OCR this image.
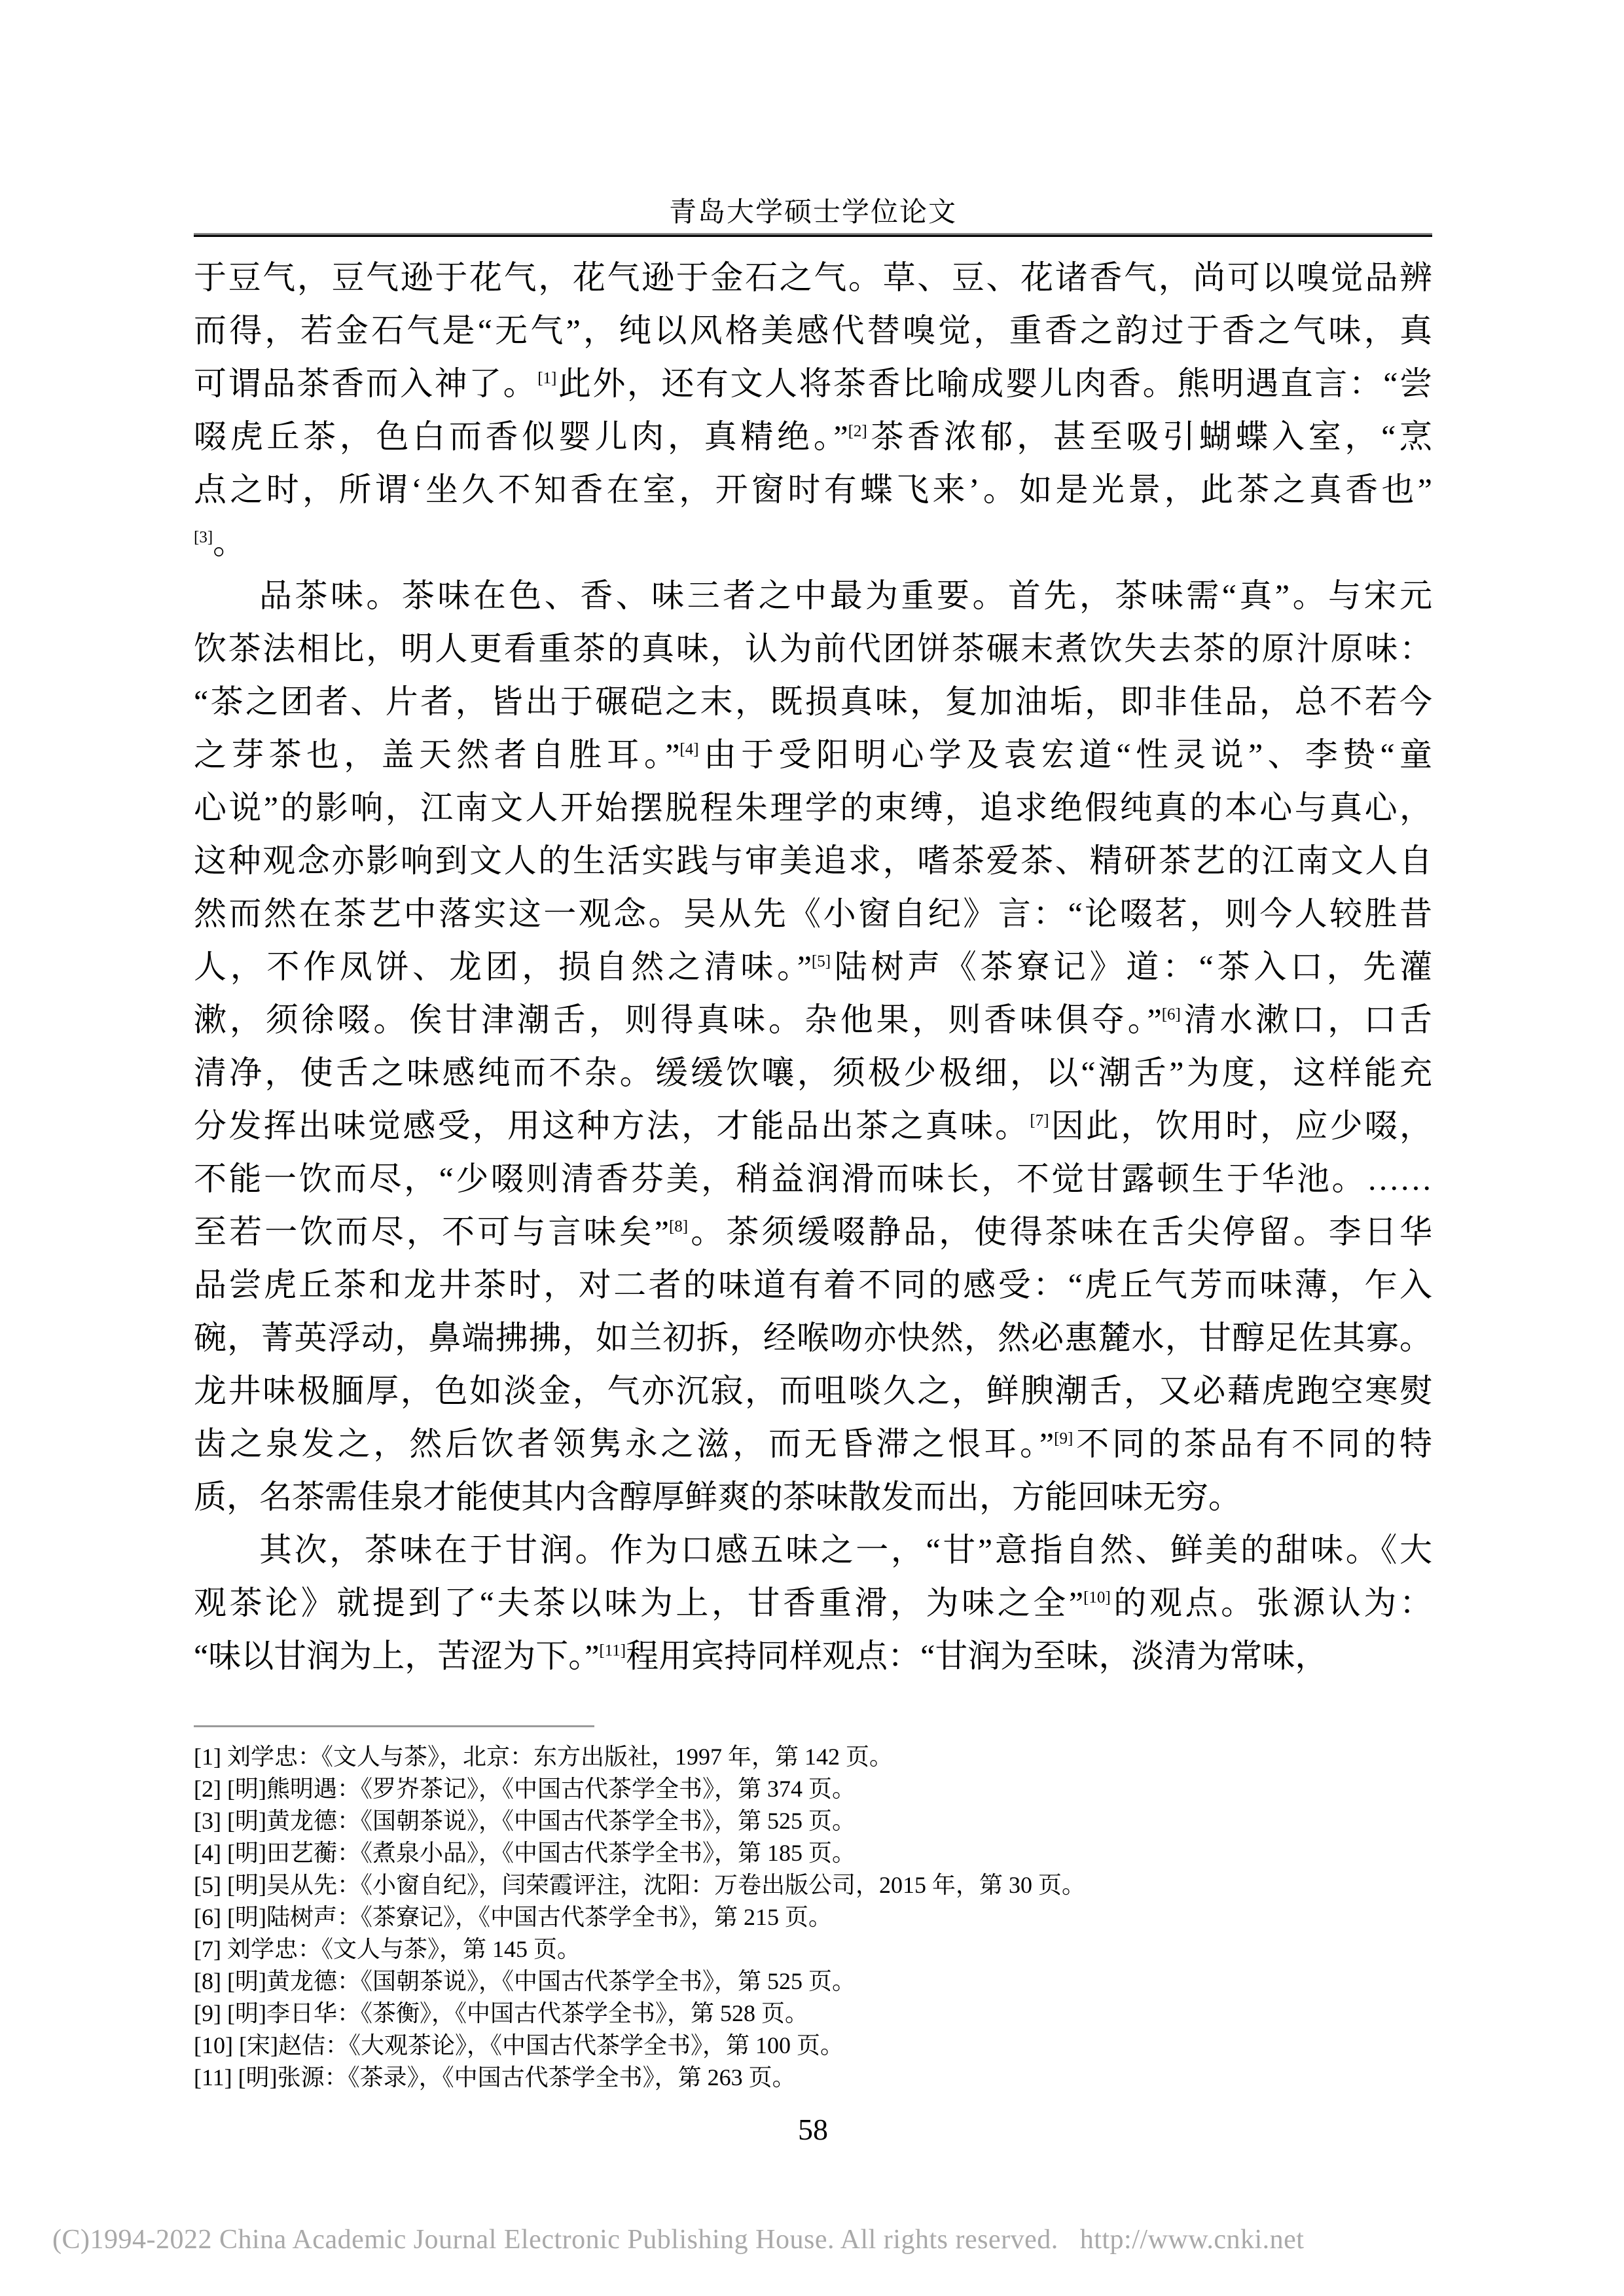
青岛大学硕士学位论文
于豆气，豆气逊于花气，花气逊于金石之气。草、豆、花诸香气，尚可以嗅觉品辨
而得，若金石气是“无气”，纯以风格美感代替嗅觉，重香之韵过于香之气味，真
可谓品茶香而入神了。[1]此外，还有文人将茶香比喻成婴儿肉香。熊明遇直言：“尝
啜虎丘茶，色白而香似婴儿肉，真精绝。”[2]茶香浓郁，甚至吸引蝴蝶入室，“烹
点之时，所谓‘坐久不知香在室，开窗时有蝶飞来’。如是光景，此茶之真香也”
[3]。
品茶味。茶味在色、香、味三者之中最为重要。首先，茶味需“真”。与宋元
饮茶法相比，明人更看重茶的真味，认为前代团饼茶碾末煮饮失去茶的原汁原味：
“茶之团者、片者，皆出于碾硙之末，既损真味，复加油垢，即非佳品，总不若今
之芽茶也，盖天然者自胜耳。”[4]由于受阳明心学及袁宏道“性灵说”、李贽“童
心说”的影响，江南文人开始摆脱程朱理学的束缚，追求绝假纯真的本心与真心，
这种观念亦影响到文人的生活实践与审美追求，嗜茶爱茶、精研茶艺的江南文人自
然而然在茶艺中落实这一观念。吴从先《小窗自纪》言：“论啜茗，则今人较胜昔
人，不作凤饼、龙团，损自然之清味。”[5]陆树声《茶寮记》道：“茶入口，先灌
漱，须徐啜。俟甘津潮舌，则得真味。杂他果，则香味俱夺。”[6]清水漱口，口舌
清净，使舌之味感纯而不杂。缓缓饮嚷，须极少极细，以“潮舌”为度，这样能充
分发挥出味觉感受，用这种方法，才能品出茶之真味。[7]因此，饮用时，应少啜，
不能一饮而尽，“少啜则清香芬美，稍益润滑而味长，不觉甘露顿生于华池。……
至若一饮而尽，不可与言味矣”[8]。茶须缓啜静品，使得茶味在舌尖停留。李日华
品尝虎丘茶和龙井茶时，对二者的味道有着不同的感受：“虎丘气芳而味薄，乍入
碗，菁英浮动，鼻端拂拂，如兰初拆，经喉吻亦快然，然必惠麓水，甘醇足佐其寡。
龙井味极腼厚，色如淡金，气亦沉寂，而咀啖久之，鲜腴潮舌，又必藉虎跑空寒熨
齿之泉发之，然后饮者领隽永之滋，而无昏滞之恨耳。”[9]不同的茶品有不同的特
质，名茶需佳泉才能使其内含醇厚鲜爽的茶味散发而出，方能回味无穷。
其次，茶味在于甘润。作为口感五味之一，“甘”意指自然、鲜美的甜味。《大
观茶论》就提到了“夫茶以味为上，甘香重滑，为味之全”[10]的观点。张源认为：
“味以甘润为上，苦涩为下。”[11]程用宾持同样观点：“甘润为至味，淡清为常味，
[1] 刘学忠：《文人与茶》，北京：东方出版社，1997 年，第 142 页。
[2] [明]熊明遇：《罗岕茶记》，《中国古代茶学全书》，第 374 页。
[3] [明]黄龙德：《国朝茶说》，《中国古代茶学全书》，第 525 页。
[4] [明]田艺蘅：《煮泉小品》，《中国古代茶学全书》，第 185 页。
[5] [明]吴从先：《小窗自纪》，闫荣霞评注，沈阳：万卷出版公司，2015 年，第 30 页。
[6] [明]陆树声：《茶寮记》，《中国古代茶学全书》，第 215 页。
[7] 刘学忠：《文人与茶》，第 145 页。
[8] [明]黄龙德：《国朝茶说》，《中国古代茶学全书》，第 525 页。
[9] [明]李日华：《茶衡》，《中国古代茶学全书》，第 528 页。
[10] [宋]赵佶：《大观茶论》，《中国古代茶学全书》，第 100 页。
[11] [明]张源：《茶录》，《中国古代茶学全书》，第 263 页。
58
(C)1994-2022 China Academic Journal Electronic Publishing House. All rights reserved.   http://www.cnki.net
